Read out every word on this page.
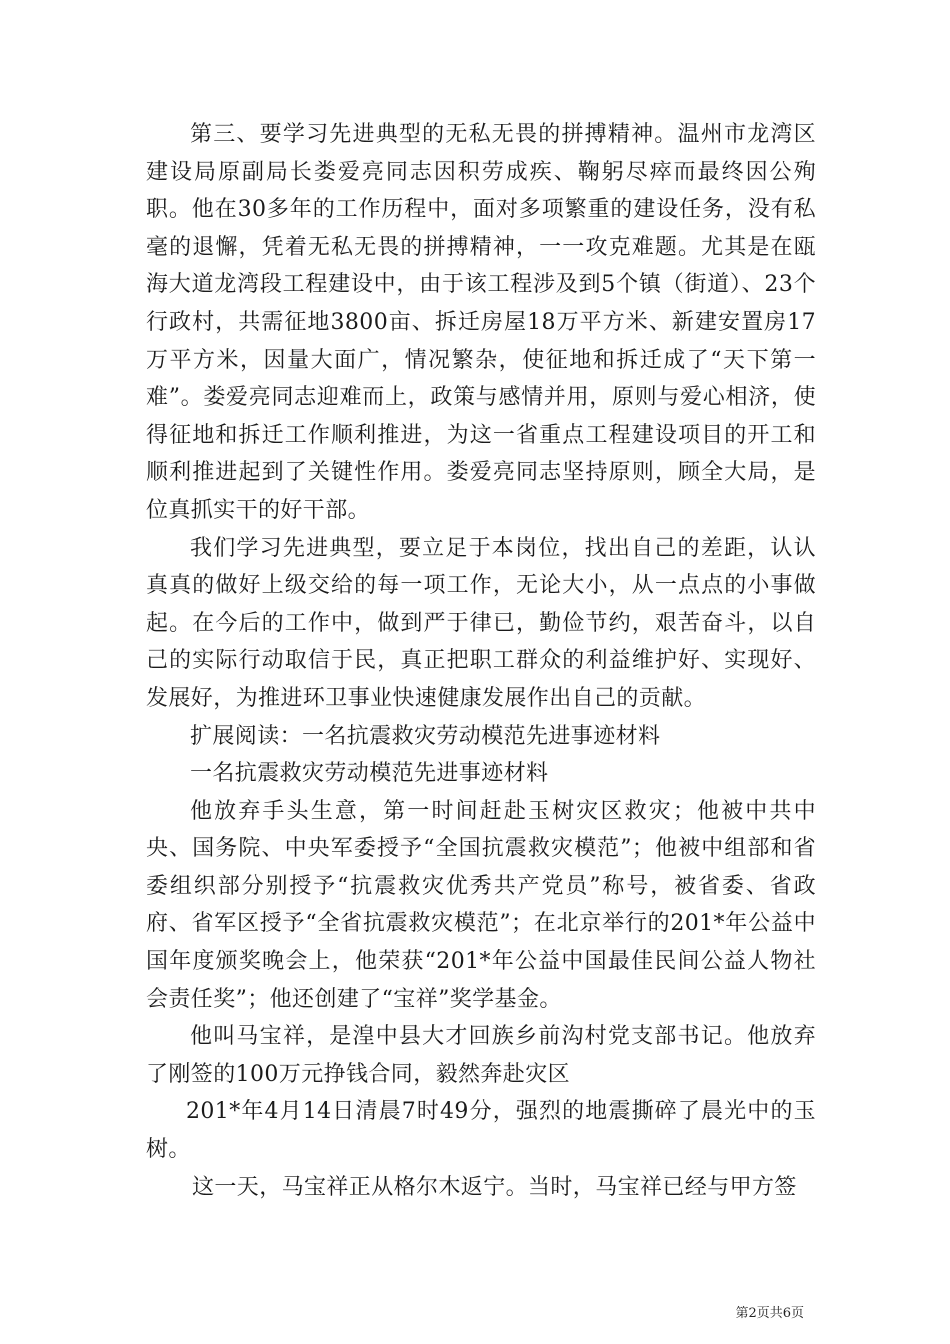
第三、要学习先进典型的无私无畏的拼搏精神。温州市龙湾区建设局原副局长娄爱亮同志因积劳成疾、鞠躬尽瘁而最终因公殉职。他在30多年的工作历程中，面对多项繁重的建设任务，没有私毫的退懈，凭着无私无畏的拼搏精神，一一攻克难题。尤其是在瓯海大道龙湾段工程建设中，由于该工程涉及到5个镇（街道）、23个行政村，共需征地3800亩、拆迁房屋18万平方米、新建安置房17万平方米，因量大面广，情况繁杂，使征地和拆迁成了“天下第一难”。娄爱亮同志迎难而上，政策与感情并用，原则与爱心相济，使得征地和拆迁工作顺利推进，为这一省重点工程建设项目的开工和顺利推进起到了关键性作用。娄爱亮同志坚持原则，顾全大局，是位真抓实干的好干部。

我们学习先进典型，要立足于本岗位，找出自己的差距，认认真真的做好上级交给的每一项工作，无论大小，从一点点的小事做起。在今后的工作中，做到严于律已，勤俭节约，艰苦奋斗，以自己的实际行动取信于民，真正把职工群众的利益维护好、实现好、发展好，为推进环卫事业快速健康发展作出自己的贡献。

扩展阅读：一名抗震救灾劳动模范先进事迹材料

一名抗震救灾劳动模范先进事迹材料

他放弃手头生意，第一时间赶赴玉树灾区救灾；他被中共中央、国务院、中央军委授予“全国抗震救灾模范”；他被中组部和省委组织部分别授予“抗震救灾优秀共产党员”称号，被省委、省政府、省军区授予“全省抗震救灾模范”；在北京举行的201*年公益中国年度颁奖晚会上，他荣获“201*年公益中国最佳民间公益人物社会责任奖”；他还创建了“宝祥”奖学基金。

他叫马宝祥，是湟中县大才回族乡前沟村党支部书记。他放弃了刚签的100万元挣钱合同，毅然奔赴灾区

201*年4月14日清晨7时49分，强烈的地震撕碎了晨光中的玉树。

这一天，马宝祥正从格尔木返宁。当时，马宝祥已经与甲方签

第2页共6页
